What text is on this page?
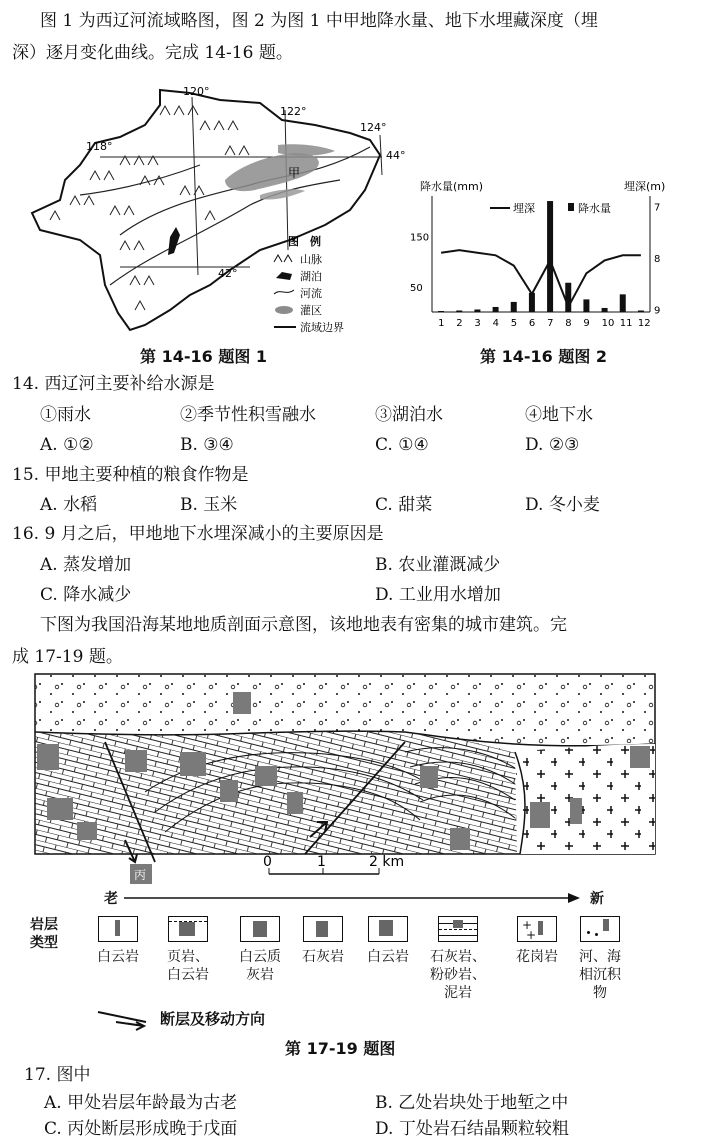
图 1 为西辽河流域略图，图 2 为图 1 中甲地降水量、地下水埋藏深度（埋
深）逐月变化曲线。完成 14-16 题。
120°
122°
124°
118°
44°
42°
甲
图　例
山脉
湖泊
河流
灌区
流域边界
第 14-16 题图 1
降水量(mm)	埋深(m)
埋深	降水量
1 2 3 4 5 6 7 8 9 10 11 12
150
50
7
8
9
第 14-16 题图 2
14. 西辽河主要补给水源是
①雨水	②季节性积雪融水	③湖泊水	④地下水
A. ①②	B. ③④	C. ①④	D. ②③
15. 甲地主要种植的粮食作物是
A. 水稻	B. 玉米	C. 甜菜	D. 冬小麦
16. 9 月之后，甲地地下水埋深减小的主要原因是
A. 蒸发增加	B. 农业灌溉减少
C. 降水减少	D. 工业用水增加
下图为我国沿海某地地质剖面示意图，该地地表有密集的城市建筑。完
成 17-19 题。
丙
0	1	2 km
老	新
岩层
类型
白云岩	页岩、
白云岩
白云质
灰岩
石灰岩	白云岩	石灰岩、
粉砂岩、
泥岩
+
+
花岗岩	河、海
相沉积
物
断层及移动方向
第 17-19 题图
17. 图中
A. 甲处岩层年龄最为古老	B. 乙处岩块处于地堑之中
C. 丙处断层形成晚于戊面	D. 丁处岩石结晶颗粒较粗
